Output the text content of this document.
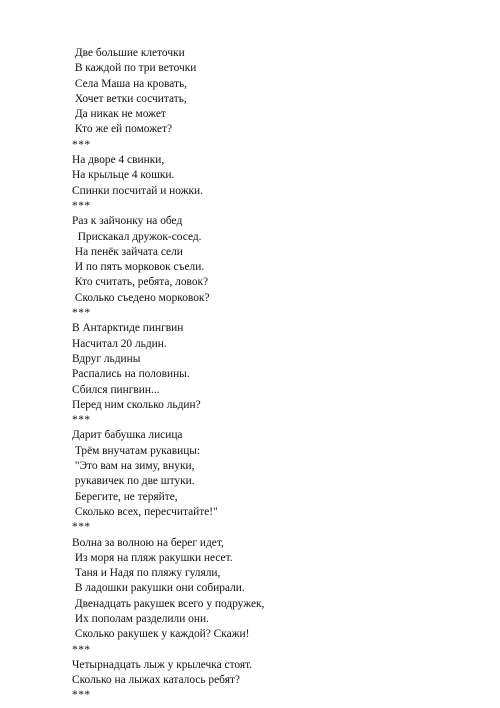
Две большие клеточки
В каждой по три веточки
Села Маша на кровать,
Хочет ветки сосчитать,
Да никак не может
Кто же ей поможет?
***
На дворе 4 свинки,
На крыльце 4 кошки.
Спинки посчитай и ножки.
***
Раз к зайчонку на обед
Прискакал дружок-сосед.
На пенёк зайчата сели
И по пять морковок съели.
Кто считать, ребята, ловок?
Сколько съедено морковок?
***
В Антарктиде пингвин
Насчитал 20 льдин.
Вдруг льдины
Распались на половины.
Сбился пингвин...
Перед ним сколько льдин?
***
Дарит бабушка лисица
Трём внучатам рукавицы:
"Это вам на зиму, внуки,
рукавичек по две штуки.
Берегите, не теряйте,
Сколько всех, пересчитайте!"
***
Волна за волною на берег идет,
Из моря на пляж ракушки несет.
Таня и Надя по пляжу гуляли,
В ладошки ракушки они собирали.
Двенадцать ракушек всего у подружек,
Их пополам разделили они.
Сколько ракушек у каждой? Скажи!
***
Четырнадцать лыж у крылечка стоят.
Сколько на лыжах каталось ребят?
***
